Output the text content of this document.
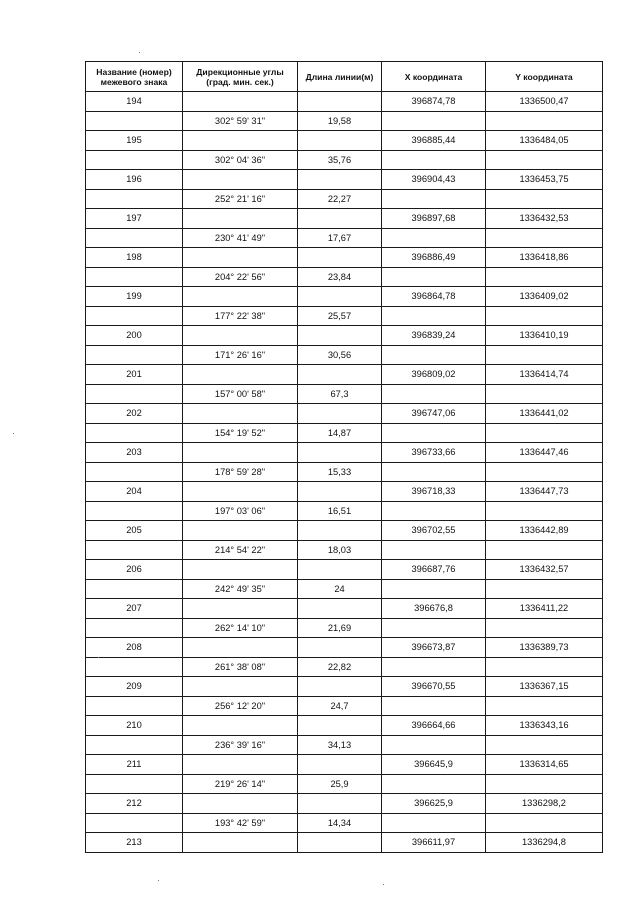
Название (номер) межевого знака	Дирекционные углы (град. мин. сек.)	Длина линии(м)	X координата	Y координата
194			396874,78	1336500,47
	302° 59' 31"	19,58		
195			396885,44	1336484,05
	302° 04' 36"	35,76		
196			396904,43	1336453,75
	252° 21' 16"	22,27		
197			396897,68	1336432,53
	230° 41' 49"	17,67		
198			396886,49	1336418,86
	204° 22' 56"	23,84		
199			396864,78	1336409,02
	177° 22' 38"	25,57		
200			396839,24	1336410,19
	171° 26' 16"	30,56		
201			396809,02	1336414,74
	157° 00' 58"	67,3		
202			396747,06	1336441,02
	154° 19' 52"	14,87		
203			396733,66	1336447,46
	178° 59' 28"	15,33		
204			396718,33	1336447,73
	197° 03' 06"	16,51		
205			396702,55	1336442,89
	214° 54' 22"	18,03		
206			396687,76	1336432,57
	242° 49' 35"	24		
207			396676,8	1336411,22
	262° 14' 10"	21,69		
208			396673,87	1336389,73
	261° 38' 08"	22,82		
209			396670,55	1336367,15
	256° 12' 20"	24,7		
210			396664,66	1336343,16
	236° 39' 16"	34,13		
211			396645,9	1336314,65
	219° 26' 14"	25,9		
212			396625,9	1336298,2
	193° 42' 59"	14,34		
213			396611,97	1336294,8
